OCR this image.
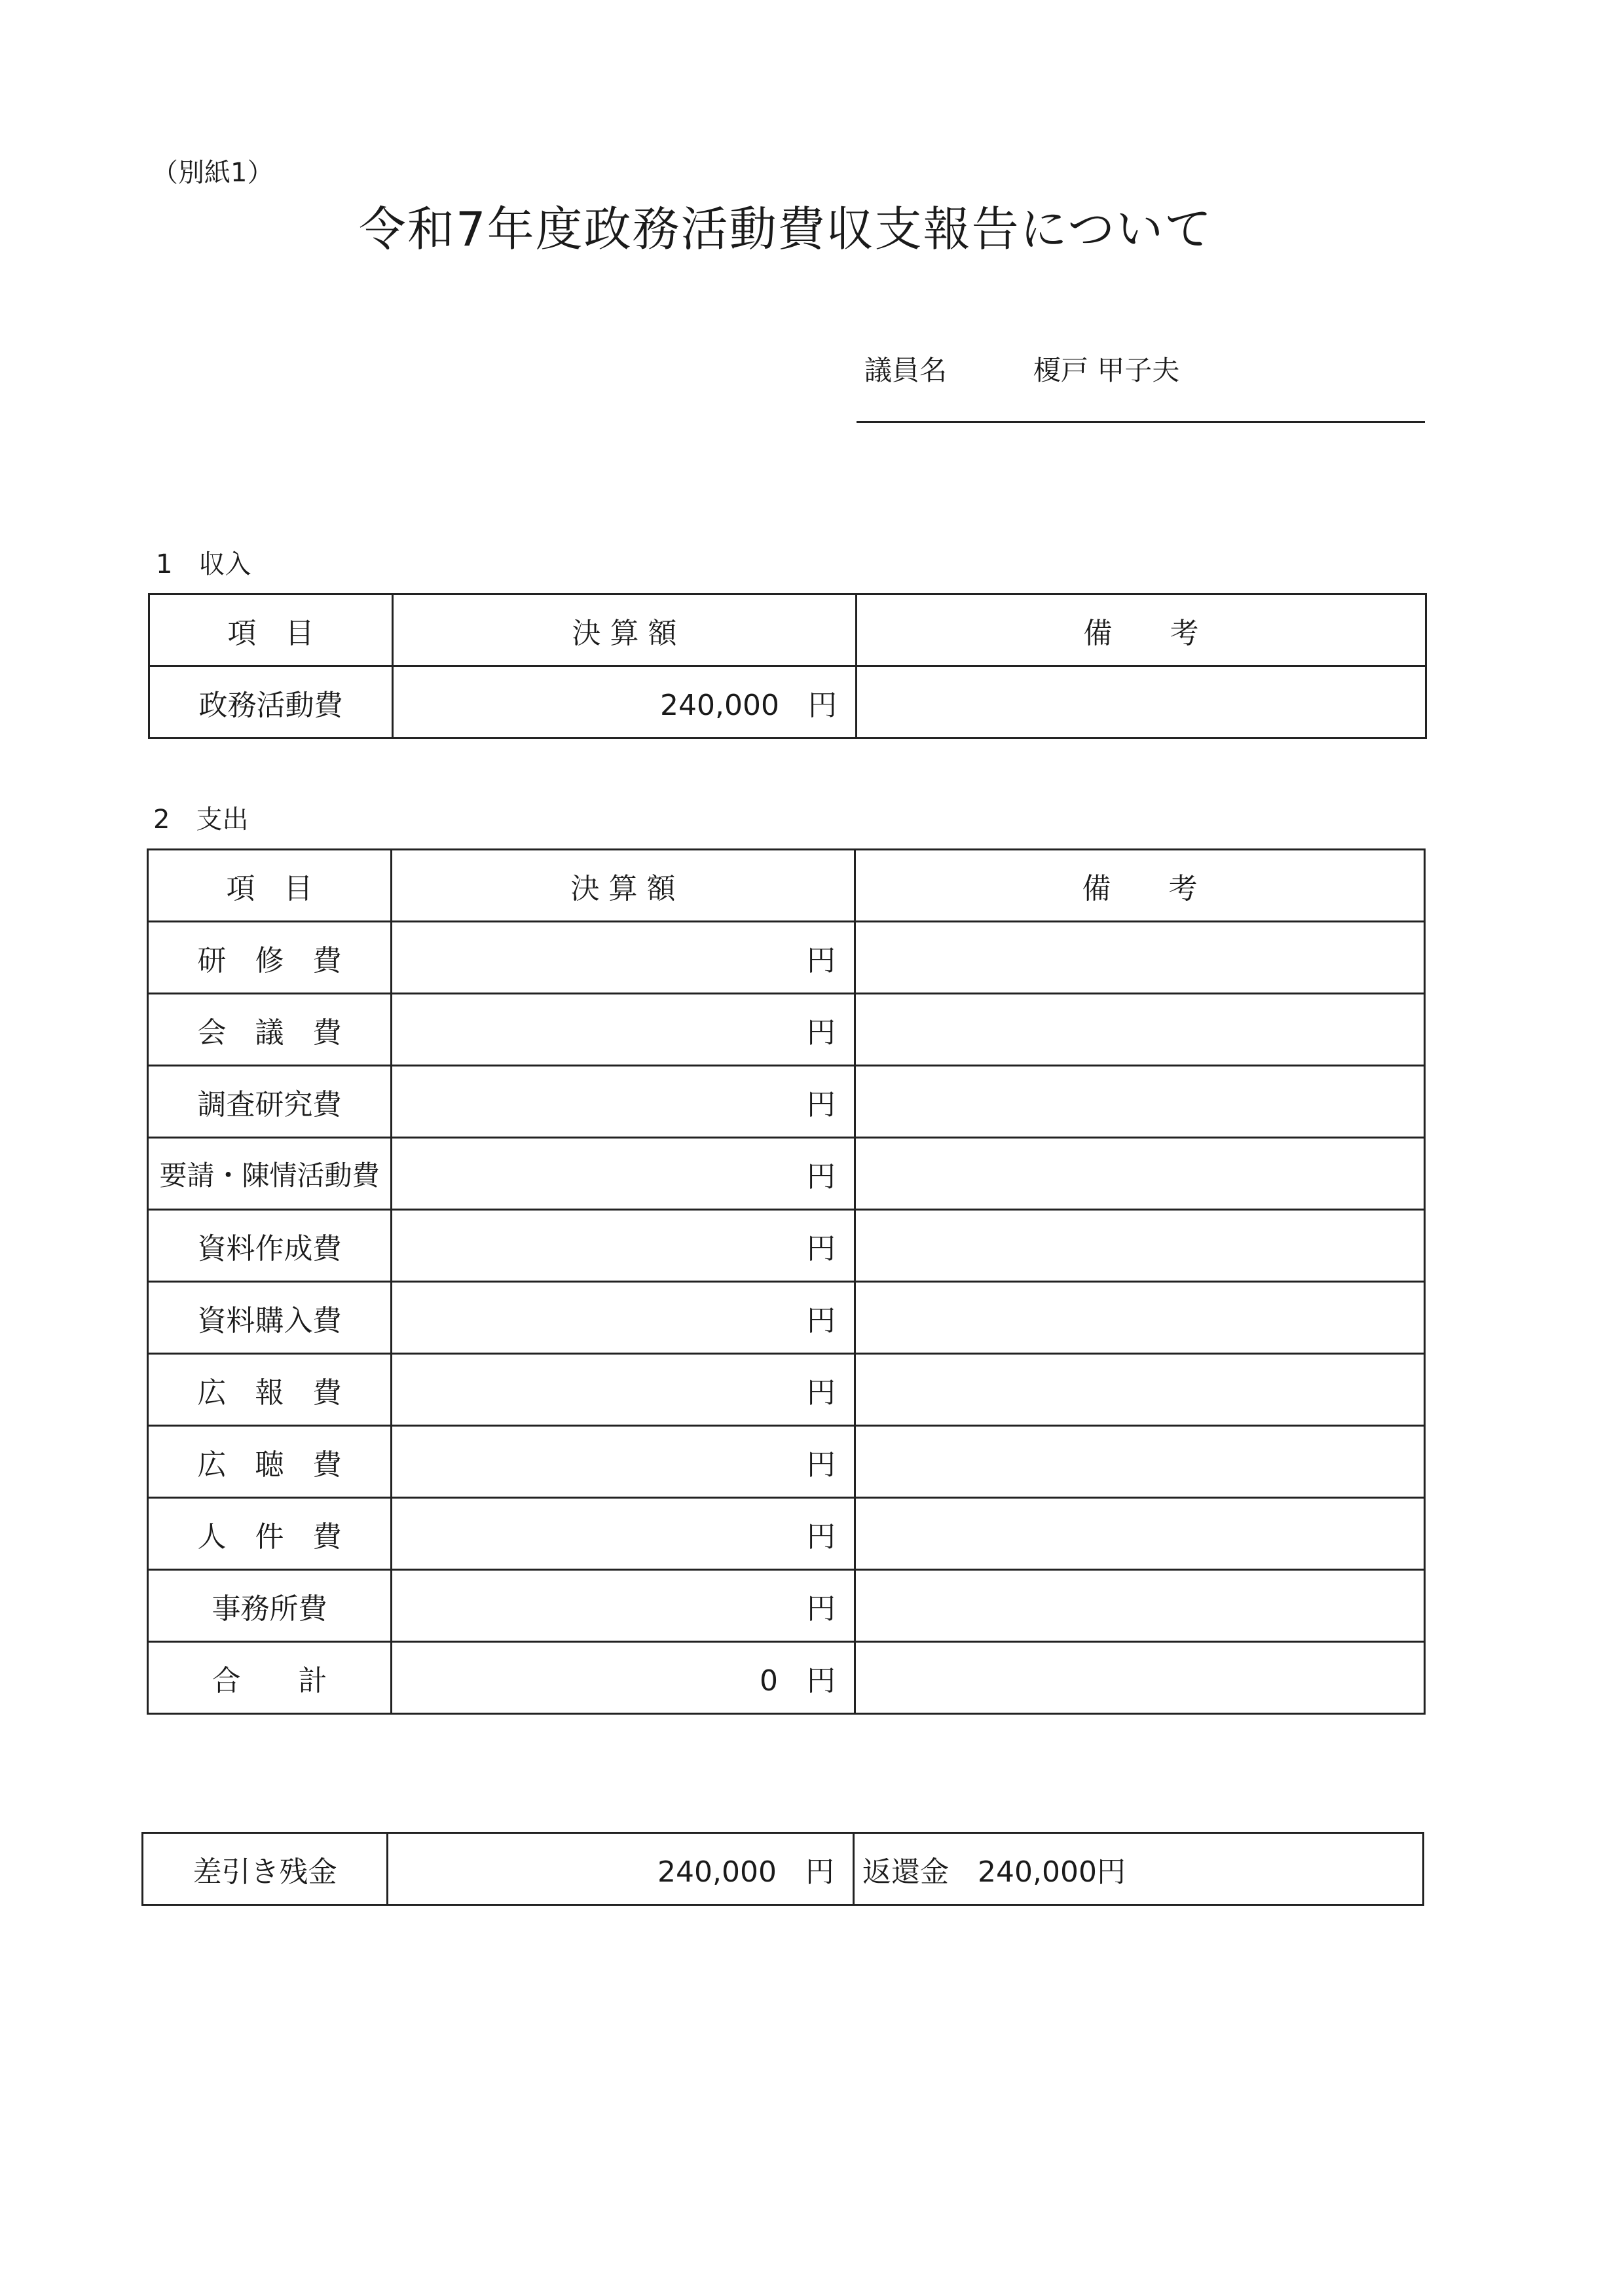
（別紙1）
令和7年度政務活動費収支報告について
議員名	榎戸 甲子夫
1　収入
項　目	決 算 額	備　　考
政務活動費	240,000　円	
2　支出
項　目	決 算 額	備　　考
研　修　費	円	
会　議　費	円	
調査研究費	円	
要請・陳情活動費	円	
資料作成費	円	
資料購入費	円	
広　報　費	円	
広　聴　費	円	
人　件　費	円	
事務所費	円	
合　　計	0　円	
差引き残金	240,000　円	返還金　240,000円
